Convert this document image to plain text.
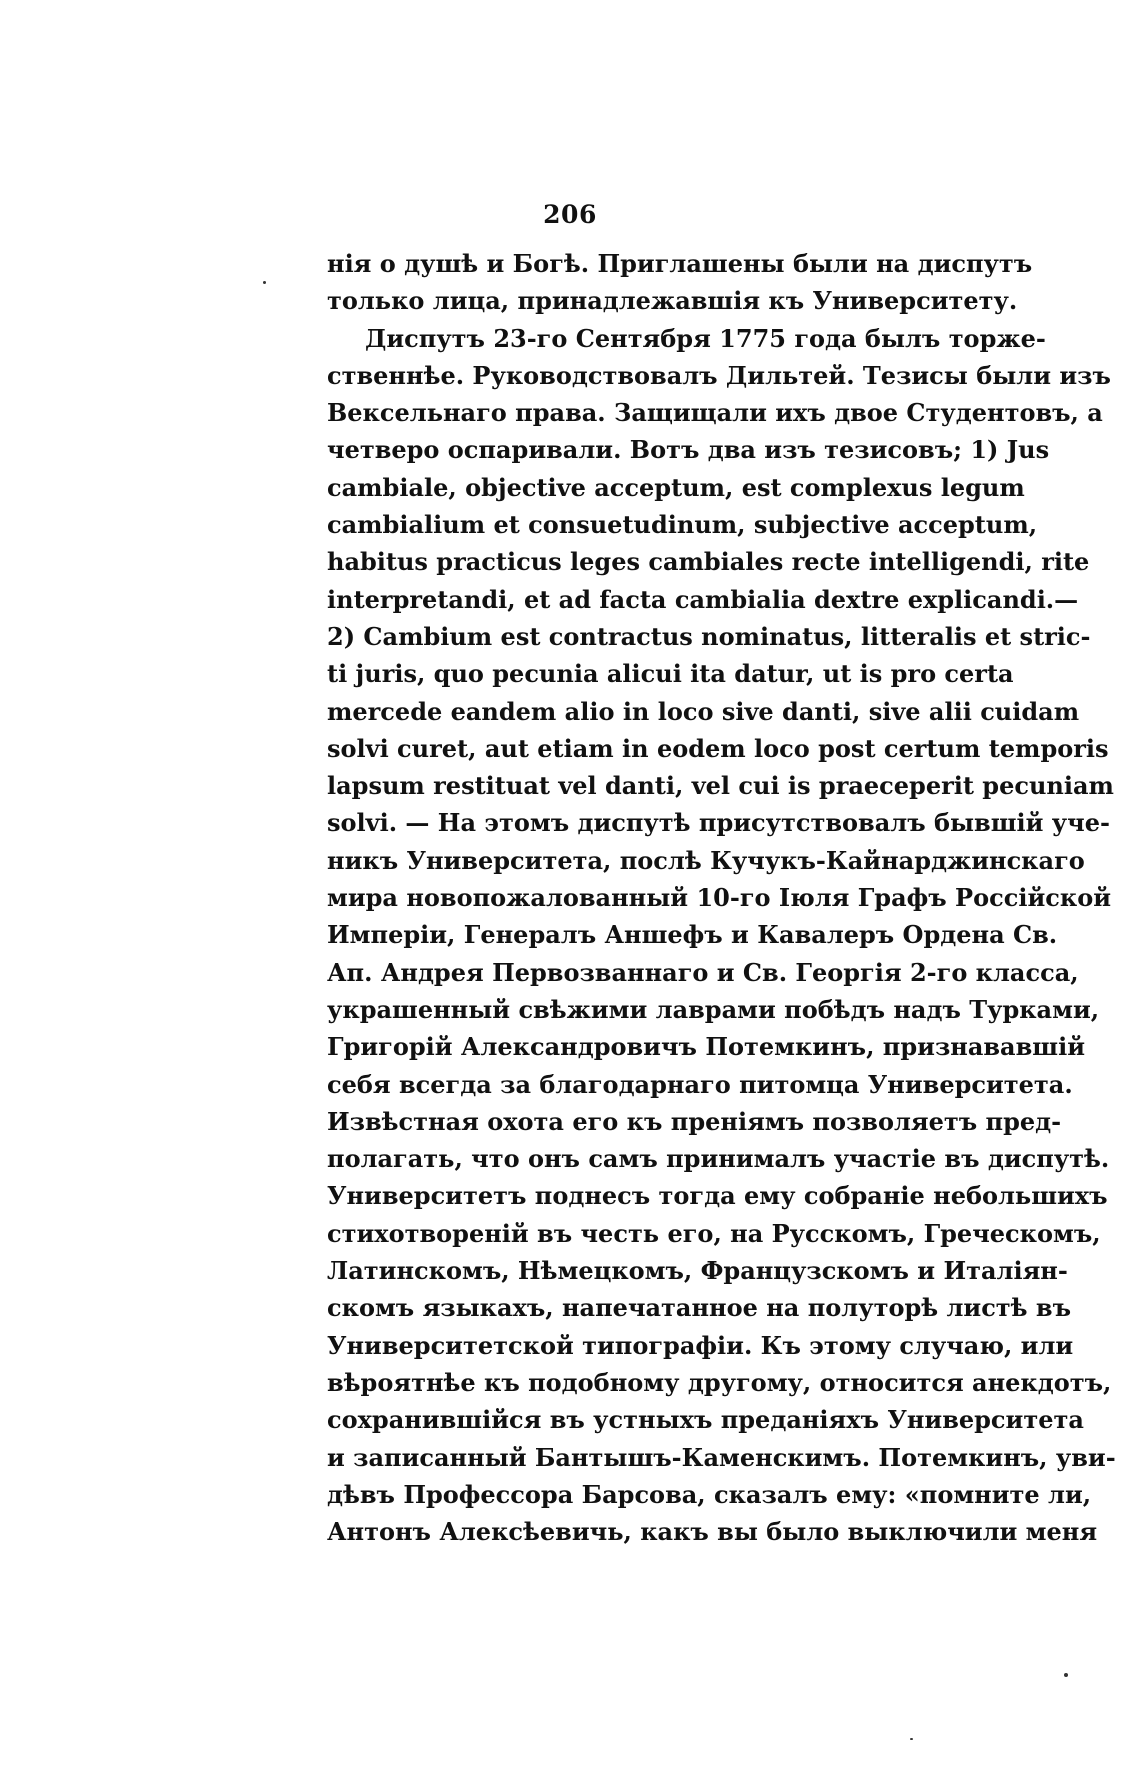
206
нія о душѣ и Богѣ. Приглашены были на диспутъ
только лица, принадлежавшія къ Университету.
Диспутъ 23-го Сентября 1775 года былъ торже-
ственнѣе. Руководствовалъ Дильтей. Тезисы были изъ
Вексельнаго права. Защищали ихъ двое Студентовъ, а
четверо оспаривали. Вотъ два изъ тезисовъ; 1) Jus
cambiale, objective acceptum, est complexus legum
cambialium et consuetudinum, subjective acceptum,
habitus practicus leges cambiales recte intelligendi, rite
interpretandi, et ad facta cambialia dextre explicandi.—
2) Cambium est contractus nominatus, litteralis et stric-
ti juris, quo pecunia alicui ita datur, ut is pro certa
mercede eandem alio in loco sive danti, sive alii cuidam
solvi curet, aut etiam in eodem loco post certum temporis
lapsum restituat vel danti, vel cui is praeceperit pecuniam
solvi. — На этомъ диспутѣ присутствовалъ бывшій уче-
никъ Университета, послѣ Кучукъ-Кайнарджинскаго
мира новопожалованный 10-го Іюля Графъ Россійской
Имперіи, Генералъ Аншефъ и Кавалеръ Ордена Св.
Ап. Андрея Первозваннаго и Св. Георгія 2-го класса,
украшенный свѣжими лаврами побѣдъ надъ Турками,
Григорій Александровичъ Потемкинъ, признававшій
себя всегда за благодарнаго питомца Университета.
Извѣстная охота его къ преніямъ позволяетъ пред-
полагать, что онъ самъ принималъ участіе въ диспутѣ.
Университетъ поднесъ тогда ему собраніе небольшихъ
стихотвореній въ честь его, на Русскомъ, Греческомъ,
Латинскомъ, Нѣмецкомъ, Французскомъ и Италіян-
скомъ языкахъ, напечатанное на полуторѣ листѣ въ
Университетской типографіи. Къ этому случаю, или
вѣроятнѣе къ подобному другому, относится анекдотъ,
сохранившійся въ устныхъ преданіяхъ Университета
и записанный Бантышъ-Каменскимъ. Потемкинъ, уви-
дѣвъ Профессора Барсова, сказалъ ему: «помните ли,
Антонъ Алексѣевичь, какъ вы было выключили меня
